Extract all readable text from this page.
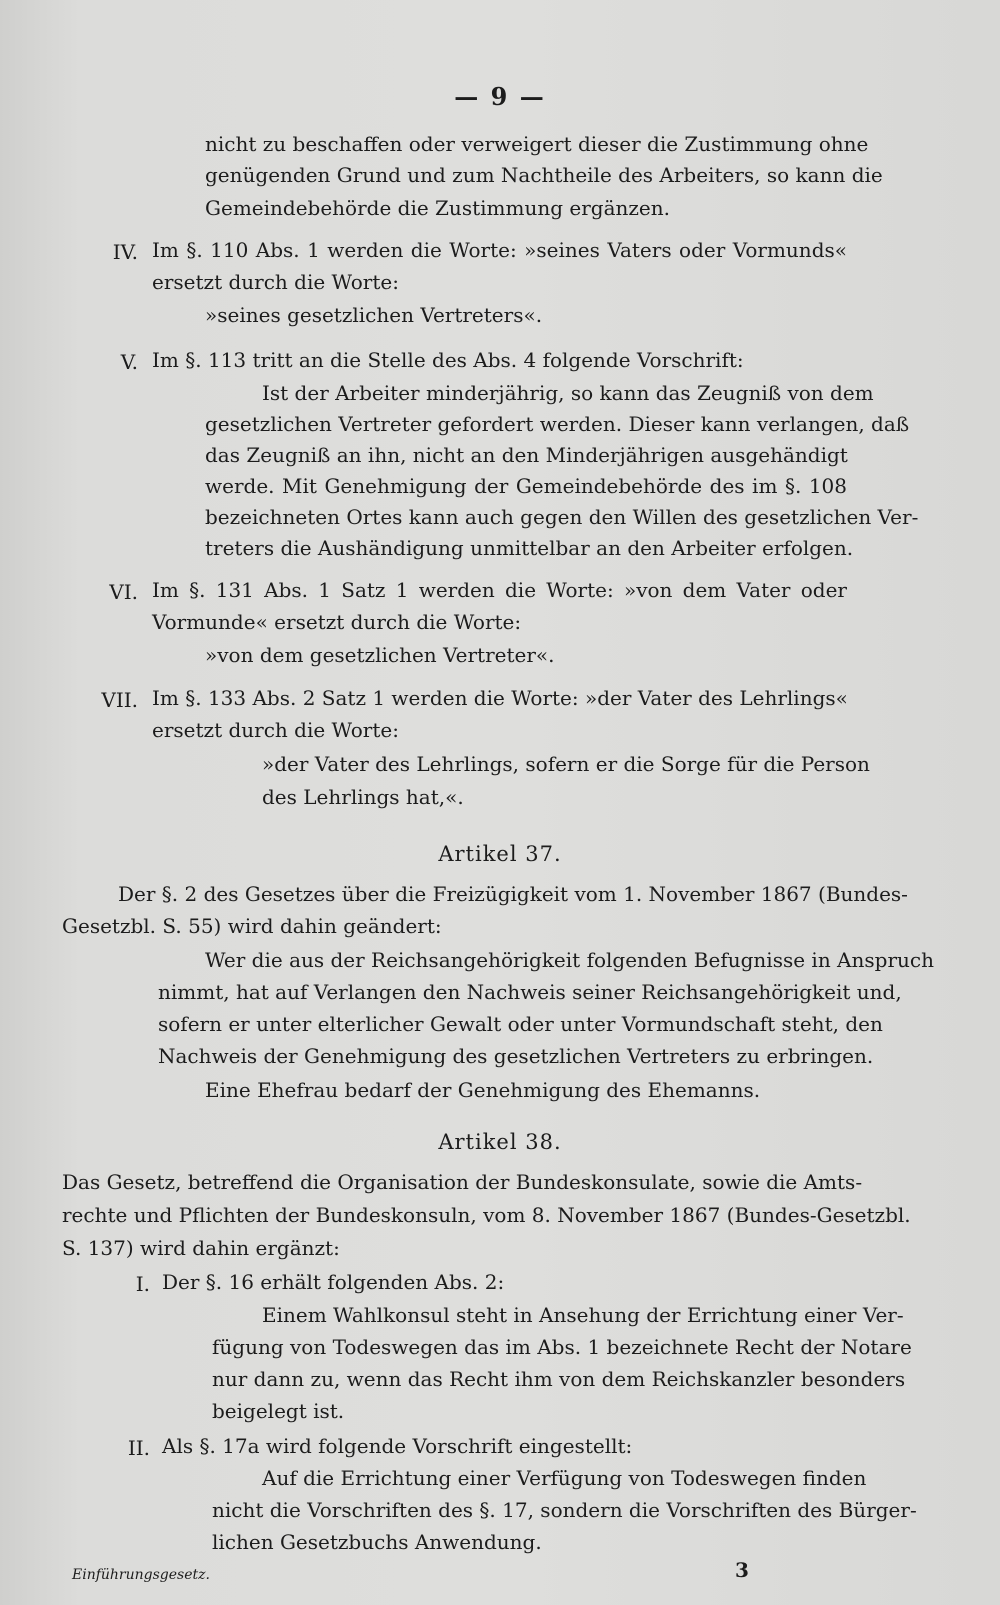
— 9 —
nicht zu beschaffen oder verweigert dieser die Zustimmung ohne
genügenden Grund und zum Nachtheile des Arbeiters, so kann die
Gemeindebehörde die Zustimmung ergänzen.
IV. Im §. 110 Abs. 1 werden die Worte: »seines Vaters oder Vormunds«
ersetzt durch die Worte:
»seines gesetzlichen Vertreters«.
V. Im §. 113 tritt an die Stelle des Abs. 4 folgende Vorschrift:
Ist der Arbeiter minderjährig, so kann das Zeugniß von dem
gesetzlichen Vertreter gefordert werden. Dieser kann verlangen, daß
das Zeugniß an ihn, nicht an den Minderjährigen ausgehändigt
werde. Mit Genehmigung der Gemeindebehörde des im §. 108
bezeichneten Ortes kann auch gegen den Willen des gesetzlichen Ver-
treters die Aushändigung unmittelbar an den Arbeiter erfolgen.
VI. Im §. 131 Abs. 1 Satz 1 werden die Worte: »von dem Vater oder
Vormunde« ersetzt durch die Worte:
»von dem gesetzlichen Vertreter«.
VII. Im §. 133 Abs. 2 Satz 1 werden die Worte: »der Vater des Lehrlings«
ersetzt durch die Worte:
»der Vater des Lehrlings, sofern er die Sorge für die Person
des Lehrlings hat,«.
Artikel 37.
Der §. 2 des Gesetzes über die Freizügigkeit vom 1. November 1867 (Bundes-
Gesetzbl. S. 55) wird dahin geändert:
Wer die aus der Reichsangehörigkeit folgenden Befugnisse in Anspruch
nimmt, hat auf Verlangen den Nachweis seiner Reichsangehörigkeit und,
sofern er unter elterlicher Gewalt oder unter Vormundschaft steht, den
Nachweis der Genehmigung des gesetzlichen Vertreters zu erbringen.
Eine Ehefrau bedarf der Genehmigung des Ehemanns.
Artikel 38.
Das Gesetz, betreffend die Organisation der Bundeskonsulate, sowie die Amts-
rechte und Pflichten der Bundeskonsuln, vom 8. November 1867 (Bundes-Gesetzbl.
S. 137) wird dahin ergänzt:
I. Der §. 16 erhält folgenden Abs. 2:
Einem Wahlkonsul steht in Ansehung der Errichtung einer Ver-
fügung von Todeswegen das im Abs. 1 bezeichnete Recht der Notare
nur dann zu, wenn das Recht ihm von dem Reichskanzler besonders
beigelegt ist.
II. Als §. 17a wird folgende Vorschrift eingestellt:
Auf die Errichtung einer Verfügung von Todeswegen finden
nicht die Vorschriften des §. 17, sondern die Vorschriften des Bürger-
lichen Gesetzbuchs Anwendung.
Einführungsgesetz.	3
